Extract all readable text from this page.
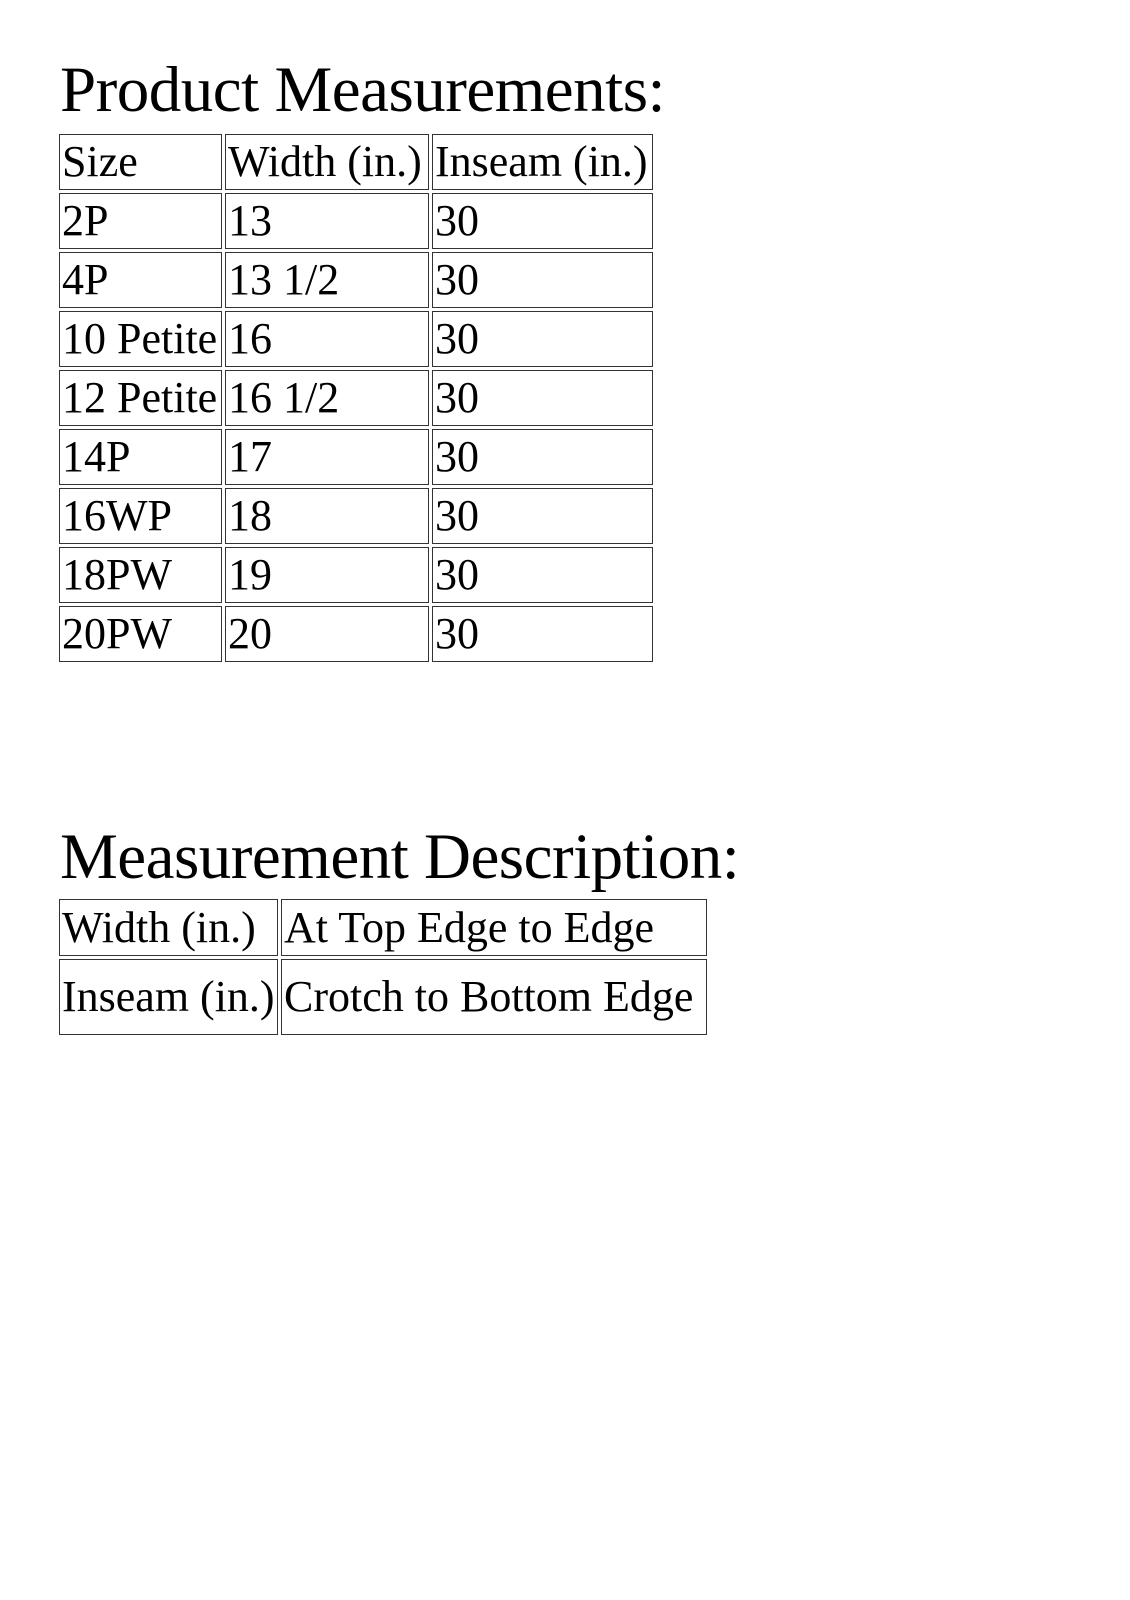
Product Measurements:
Size	Width (in.)	Inseam (in.)
2P	13	30
4P	13 1/2	30
10 Petite	16	30
12 Petite	16 1/2	30
14P	17	30
16WP	18	30
18PW	19	30
20PW	20	30
Measurement Description:
Width (in.)	At Top Edge to Edge
Inseam (in.)	Crotch to Bottom Edge
